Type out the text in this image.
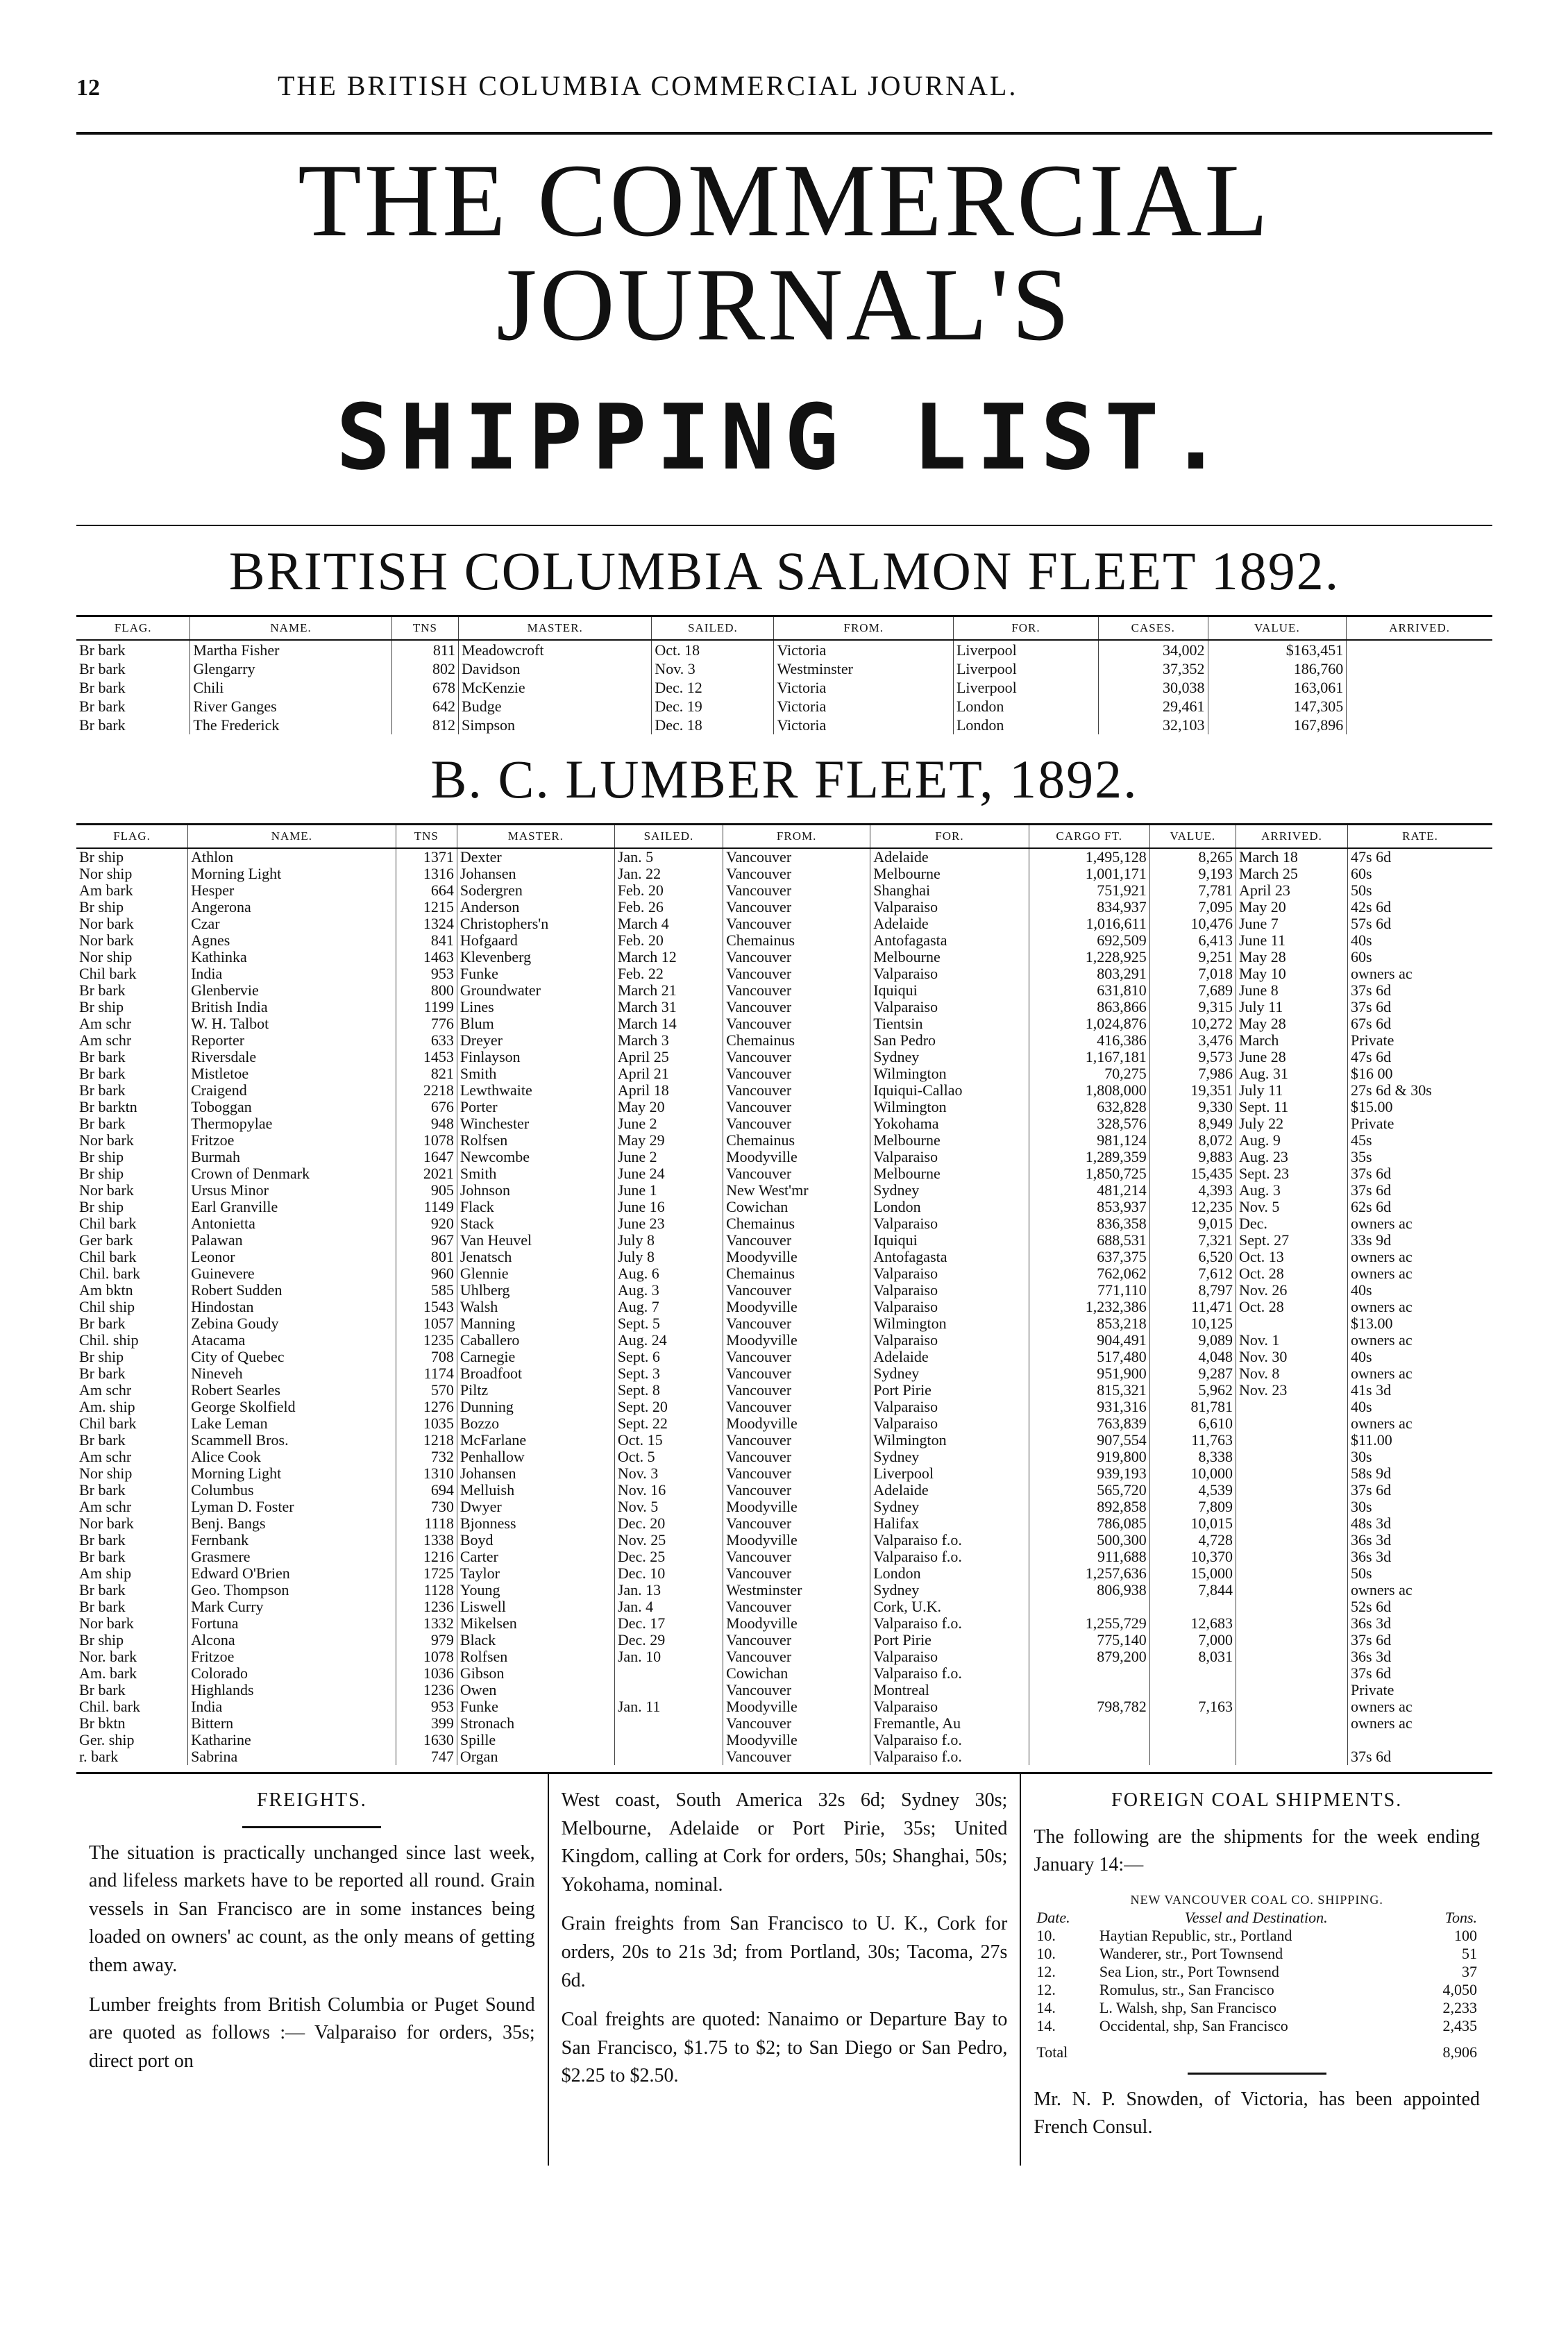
12	THE BRITISH COLUMBIA COMMERCIAL JOURNAL.
THE COMMERCIAL JOURNAL'S
SHIPPING LIST.
BRITISH COLUMBIA SALMON FLEET 1892.
FLAG.	NAME.	TNS	MASTER.	SAILED.	FROM.	FOR.	CASES.	VALUE.	ARRIVED.
Br bark	Martha Fisher	811	Meadowcroft	Oct. 18	Victoria	Liverpool	34,002	$163,451	
Br bark	Glengarry	802	Davidson	Nov. 3	Westminster	Liverpool	37,352	186,760	
Br bark	Chili	678	McKenzie	Dec. 12	Victoria	Liverpool	30,038	163,061	
Br bark	River Ganges	642	Budge	Dec. 19	Victoria	London	29,461	147,305	
Br bark	The Frederick	812	Simpson	Dec. 18	Victoria	London	32,103	167,896	
B. C. LUMBER FLEET, 1892.
FLAG.	NAME.	TNS	MASTER.	SAILED.	FROM.	FOR.	CARGO FT.	VALUE.	ARRIVED.	RATE.
Br ship	Athlon	1371	Dexter	Jan. 5	Vancouver	Adelaide	1,495,128	8,265	March 18	47s 6d
Nor ship	Morning Light	1316	Johansen	Jan. 22	Vancouver	Melbourne	1,001,171	9,193	March 25	60s
Am bark	Hesper	664	Sodergren	Feb. 20	Vancouver	Shanghai	751,921	7,781	April 23	50s
Br ship	Angerona	1215	Anderson	Feb. 26	Vancouver	Valparaiso	834,937	7,095	May 20	42s 6d
Nor bark	Czar	1324	Christophers'n	March 4	Vancouver	Adelaide	1,016,611	10,476	June 7	57s 6d
Nor bark	Agnes	841	Hofgaard	Feb. 20	Chemainus	Antofagasta	692,509	6,413	June 11	40s
Nor ship	Kathinka	1463	Klevenberg	March 12	Vancouver	Melbourne	1,228,925	9,251	May 28	60s
Chil bark	India	953	Funke	Feb. 22	Vancouver	Valparaiso	803,291	7,018	May 10	owners ac
Br bark	Glenbervie	800	Groundwater	March 21	Vancouver	Iquiqui	631,810	7,689	June 8	37s 6d
Br ship	British India	1199	Lines	March 31	Vancouver	Valparaiso	863,866	9,315	July 11	37s 6d
Am schr	W. H. Talbot	776	Blum	March 14	Vancouver	Tientsin	1,024,876	10,272	May 28	67s 6d
Am schr	Reporter	633	Dreyer	March 3	Chemainus	San Pedro	416,386	3,476	March	Private
Br bark	Riversdale	1453	Finlayson	April 25	Vancouver	Sydney	1,167,181	9,573	June 28	47s 6d
Br bark	Mistletoe	821	Smith	April 21	Vancouver	Wilmington	70,275	7,986	Aug. 31	$16 00
Br bark	Craigend	2218	Lewthwaite	April 18	Vancouver	Iquiqui-Callao	1,808,000	19,351	July 11	27s 6d & 30s
Br barktn	Toboggan	676	Porter	May 20	Vancouver	Wilmington	632,828	9,330	Sept. 11	$15.00
Br bark	Thermopylae	948	Winchester	June 2	Vancouver	Yokohama	328,576	8,949	July 22	Private
Nor bark	Fritzoe	1078	Rolfsen	May 29	Chemainus	Melbourne	981,124	8,072	Aug. 9	45s
Br ship	Burmah	1647	Newcombe	June 2	Moodyville	Valparaiso	1,289,359	9,883	Aug. 23	35s
Br ship	Crown of Denmark	2021	Smith	June 24	Vancouver	Melbourne	1,850,725	15,435	Sept. 23	37s 6d
Nor bark	Ursus Minor	905	Johnson	June 1	New West'mr	Sydney	481,214	4,393	Aug. 3	37s 6d
Br ship	Earl Granville	1149	Flack	June 16	Cowichan	London	853,937	12,235	Nov. 5	62s 6d
Chil bark	Antonietta	920	Stack	June 23	Chemainus	Valparaiso	836,358	9,015	Dec.	owners ac
Ger bark	Palawan	967	Van Heuvel	July 8	Vancouver	Iquiqui	688,531	7,321	Sept. 27	33s 9d
Chil bark	Leonor	801	Jenatsch	July 8	Moodyville	Antofagasta	637,375	6,520	Oct. 13	owners ac
Chil. bark	Guinevere	960	Glennie	Aug. 6	Chemainus	Valparaiso	762,062	7,612	Oct. 28	owners ac
Am bktn	Robert Sudden	585	Uhlberg	Aug. 3	Vancouver	Valparaiso	771,110	8,797	Nov. 26	40s
Chil ship	Hindostan	1543	Walsh	Aug. 7	Moodyville	Valparaiso	1,232,386	11,471	Oct. 28	owners ac
Br bark	Zebina Goudy	1057	Manning	Sept. 5	Vancouver	Wilmington	853,218	10,125		$13.00
Chil. ship	Atacama	1235	Caballero	Aug. 24	Moodyville	Valparaiso	904,491	9,089	Nov. 1	owners ac
Br ship	City of Quebec	708	Carnegie	Sept. 6	Vancouver	Adelaide	517,480	4,048	Nov. 30	40s
Br bark	Nineveh	1174	Broadfoot	Sept. 3	Vancouver	Sydney	951,900	9,287	Nov. 8	owners ac
Am schr	Robert Searles	570	Piltz	Sept. 8	Vancouver	Port Pirie	815,321	5,962	Nov. 23	41s 3d
Am. ship	George Skolfield	1276	Dunning	Sept. 20	Vancouver	Valparaiso	931,316	81,781		40s
Chil bark	Lake Leman	1035	Bozzo	Sept. 22	Moodyville	Valparaiso	763,839	6,610		owners ac
Br bark	Scammell Bros.	1218	McFarlane	Oct. 15	Vancouver	Wilmington	907,554	11,763		$11.00
Am schr	Alice Cook	732	Penhallow	Oct. 5	Vancouver	Sydney	919,800	8,338		30s
Nor ship	Morning Light	1310	Johansen	Nov. 3	Vancouver	Liverpool	939,193	10,000		58s 9d
Br bark	Columbus	694	Melluish	Nov. 16	Vancouver	Adelaide	565,720	4,539		37s 6d
Am schr	Lyman D. Foster	730	Dwyer	Nov. 5	Moodyville	Sydney	892,858	7,809		30s
Nor bark	Benj. Bangs	1118	Bjonness	Dec. 20	Vancouver	Halifax	786,085	10,015		48s 3d
Br bark	Fernbank	1338	Boyd	Nov. 25	Moodyville	Valparaiso f.o.	500,300	4,728		36s 3d
Br bark	Grasmere	1216	Carter	Dec. 25	Vancouver	Valparaiso f.o.	911,688	10,370		36s 3d
Am ship	Edward O'Brien	1725	Taylor	Dec. 10	Vancouver	London	1,257,636	15,000		50s
Br bark	Geo. Thompson	1128	Young	Jan. 13	Westminster	Sydney	806,938	7,844		owners ac
Br bark	Mark Curry	1236	Liswell	Jan. 4	Vancouver	Cork, U.K.				52s 6d
Nor bark	Fortuna	1332	Mikelsen	Dec. 17	Moodyville	Valparaiso f.o.	1,255,729	12,683		36s 3d
Br ship	Alcona	979	Black	Dec. 29	Vancouver	Port Pirie	775,140	7,000		37s 6d
Nor. bark	Fritzoe	1078	Rolfsen	Jan. 10	Vancouver	Valparaiso	879,200	8,031		36s 3d
Am. bark	Colorado	1036	Gibson		Cowichan	Valparaiso f.o.				37s 6d
Br bark	Highlands	1236	Owen		Vancouver	Montreal				Private
Chil. bark	India	953	Funke	Jan. 11	Moodyville	Valparaiso	798,782	7,163		owners ac
Br bktn	Bittern	399	Stronach		Vancouver	Fremantle, Au				owners ac
Ger. ship	Katharine	1630	Spille		Moodyville	Valparaiso f.o.				
r. bark	Sabrina	747	Organ		Vancouver	Valparaiso f.o.				37s 6d
FREIGHTS.

The situation is practically unchanged since last week, and lifeless markets have to be reported all round. Grain vessels in San Francisco are in some instances being loaded on owners' ac count, as the only means of getting them away.

Lumber freights from British Columbia or Puget Sound are quoted as follows :— Valparaiso for orders, 35s; direct port on

West coast, South America 32s 6d; Sydney 30s; Melbourne, Adelaide or Port Pirie, 35s; United Kingdom, calling at Cork for orders, 50s; Shanghai, 50s; Yokohama, nominal.

Grain freights from San Francisco to U. K., Cork for orders, 20s to 21s 3d; from Portland, 30s; Tacoma, 27s 6d.

Coal freights are quoted: Nanaimo or Departure Bay to San Francisco, $1.75 to $2; to San Diego or San Pedro, $2.25 to $2.50.

FOREIGN COAL SHIPMENTS.

The following are the shipments for the week ending January 14:—

NEW VANCOUVER COAL CO. SHIPPING.
Date.	Vessel and Destination.	Tons.
10.	Haytian Republic, str., Portland	100
10.	Wanderer, str., Port Townsend	51
12.	Sea Lion, str., Port Townsend	37
12.	Romulus, str., San Francisco	4,050
14.	L. Walsh, shp, San Francisco	2,233
14.	Occidental, shp, San Francisco	2,435
Total		8,906

Mr. N. P. Snowden, of Victoria, has been appointed French Consul.
